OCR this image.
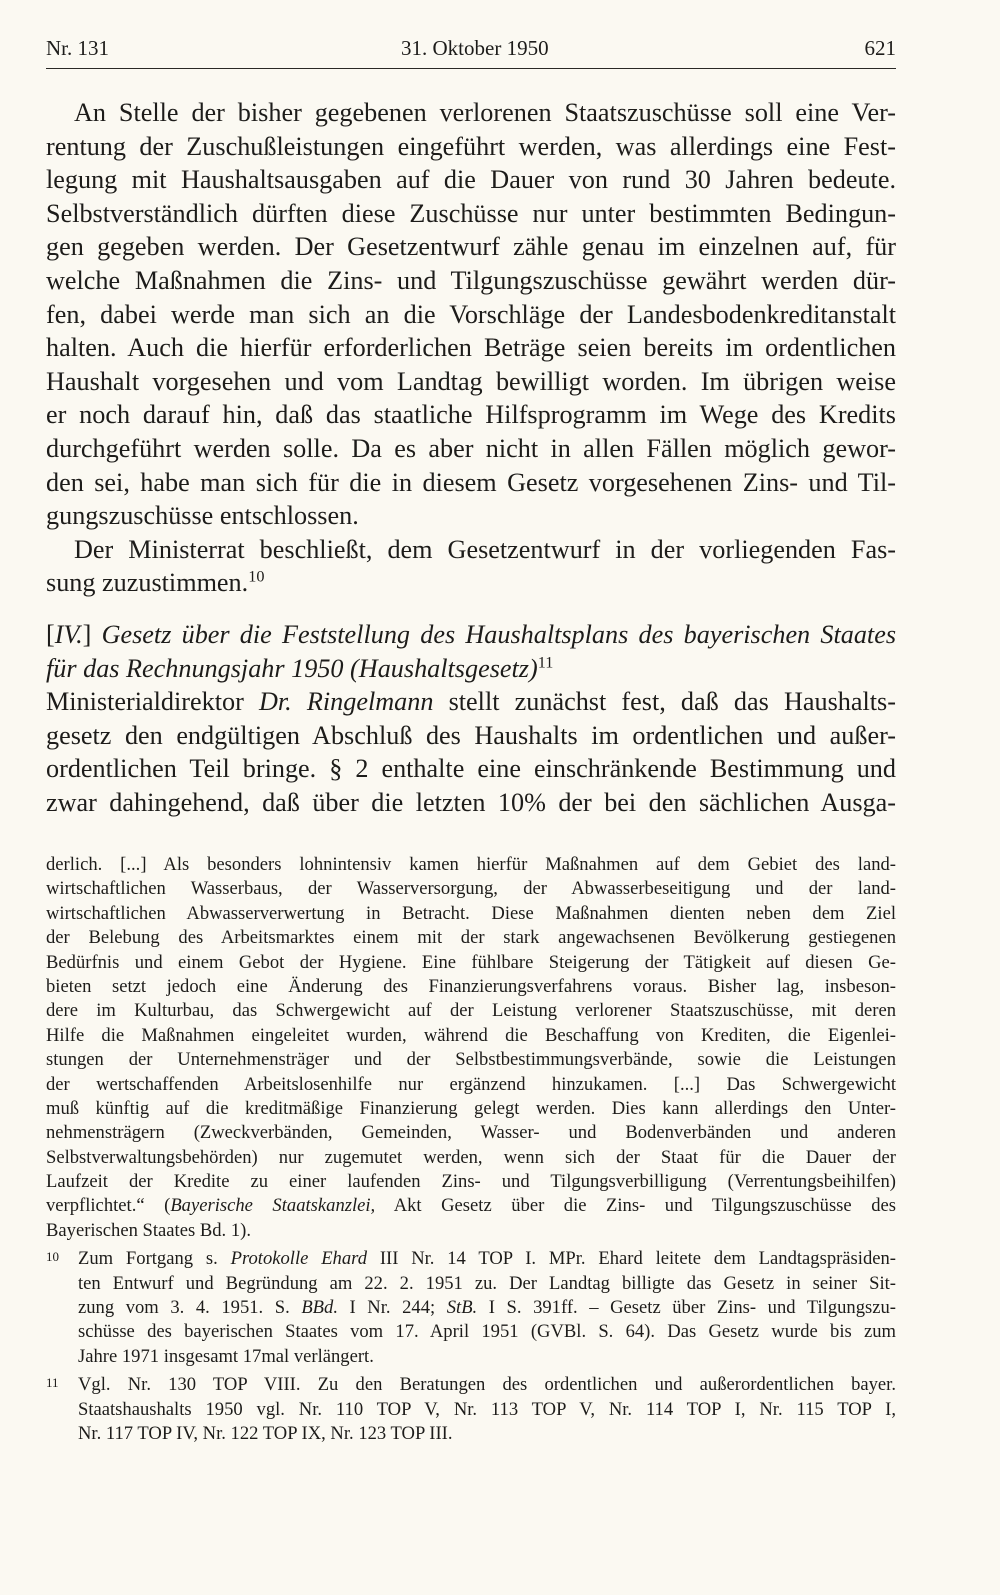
Nr. 131	31. Oktober 1950	621
An Stelle der bisher gegebenen verlorenen Staatszuschüsse soll eine Ver-
rentung der Zuschußleistungen eingeführt werden, was allerdings eine Fest-
legung mit Haushaltsausgaben auf die Dauer von rund 30 Jahren bedeute.
Selbstverständlich dürften diese Zuschüsse nur unter bestimmten Bedingun-
gen gegeben werden. Der Gesetzentwurf zähle genau im einzelnen auf, für
welche Maßnahmen die Zins- und Tilgungszuschüsse gewährt werden dür-
fen, dabei werde man sich an die Vorschläge der Landesbodenkreditanstalt
halten. Auch die hierfür erforderlichen Beträge seien bereits im ordentlichen
Haushalt vorgesehen und vom Landtag bewilligt worden. Im übrigen weise
er noch darauf hin, daß das staatliche Hilfsprogramm im Wege des Kredits
durchgeführt werden solle. Da es aber nicht in allen Fällen möglich gewor-
den sei, habe man sich für die in diesem Gesetz vorgesehenen Zins- und Til-
gungszuschüsse entschlossen.
Der Ministerrat beschließt, dem Gesetzentwurf in der vorliegenden Fas-
sung zuzustimmen.$^{10}$
[IV.] Gesetz über die Feststellung des Haushaltsplans des bayerischen Staates
für das Rechnungsjahr 1950 (Haushaltsgesetz)$^{11}$
Ministerialdirektor Dr. Ringelmann stellt zunächst fest, daß das Haushalts-
gesetz den endgültigen Abschluß des Haushalts im ordentlichen und außer-
ordentlichen Teil bringe. § 2 enthalte eine einschränkende Bestimmung und
zwar dahingehend, daß über die letzten 10% der bei den sächlichen Ausga-
derlich. [...] Als besonders lohnintensiv kamen hierfür Maßnahmen auf dem Gebiet des land-
wirtschaftlichen Wasserbaus, der Wasserversorgung, der Abwasserbeseitigung und der land-
wirtschaftlichen Abwasserverwertung in Betracht. Diese Maßnahmen dienten neben dem Ziel
der Belebung des Arbeitsmarktes einem mit der stark angewachsenen Bevölkerung gestiegenen
Bedürfnis und einem Gebot der Hygiene. Eine fühlbare Steigerung der Tätigkeit auf diesen Ge-
bieten setzt jedoch eine Änderung des Finanzierungsverfahrens voraus. Bisher lag, insbeson-
dere im Kulturbau, das Schwergewicht auf der Leistung verlorener Staatszuschüsse, mit deren
Hilfe die Maßnahmen eingeleitet wurden, während die Beschaffung von Krediten, die Eigenlei-
stungen der Unternehmensträger und der Selbstbestimmungsverbände, sowie die Leistungen
der wertschaffenden Arbeitslosenhilfe nur ergänzend hinzukamen. [...] Das Schwergewicht
muß künftig auf die kreditmäßige Finanzierung gelegt werden. Dies kann allerdings den Unter-
nehmensträgern (Zweckverbänden, Gemeinden, Wasser- und Bodenverbänden und anderen
Selbstverwaltungsbehörden) nur zugemutet werden, wenn sich der Staat für die Dauer der
Laufzeit der Kredite zu einer laufenden Zins- und Tilgungsverbilligung (Verrentungsbeihilfen)
verpflichtet.“ (Bayerische Staatskanzlei, Akt Gesetz über die Zins- und Tilgungszuschüsse des
Bayerischen Staates Bd. 1).
10 Zum Fortgang s. Protokolle Ehard III Nr. 14 TOP I. MPr. Ehard leitete dem Landtagspräsiden-
ten Entwurf und Begründung am 22. 2. 1951 zu. Der Landtag billigte das Gesetz in seiner Sit-
zung vom 3. 4. 1951. S. BBd. I Nr. 244; StB. I S. 391ff. – Gesetz über Zins- und Tilgungszu-
schüsse des bayerischen Staates vom 17. April 1951 (GVBl. S. 64). Das Gesetz wurde bis zum
Jahre 1971 insgesamt 17mal verlängert.
11 Vgl. Nr. 130 TOP VIII. Zu den Beratungen des ordentlichen und außerordentlichen bayer.
Staatshaushalts 1950 vgl. Nr. 110 TOP V, Nr. 113 TOP V, Nr. 114 TOP I, Nr. 115 TOP I,
Nr. 117 TOP IV, Nr. 122 TOP IX, Nr. 123 TOP III.
